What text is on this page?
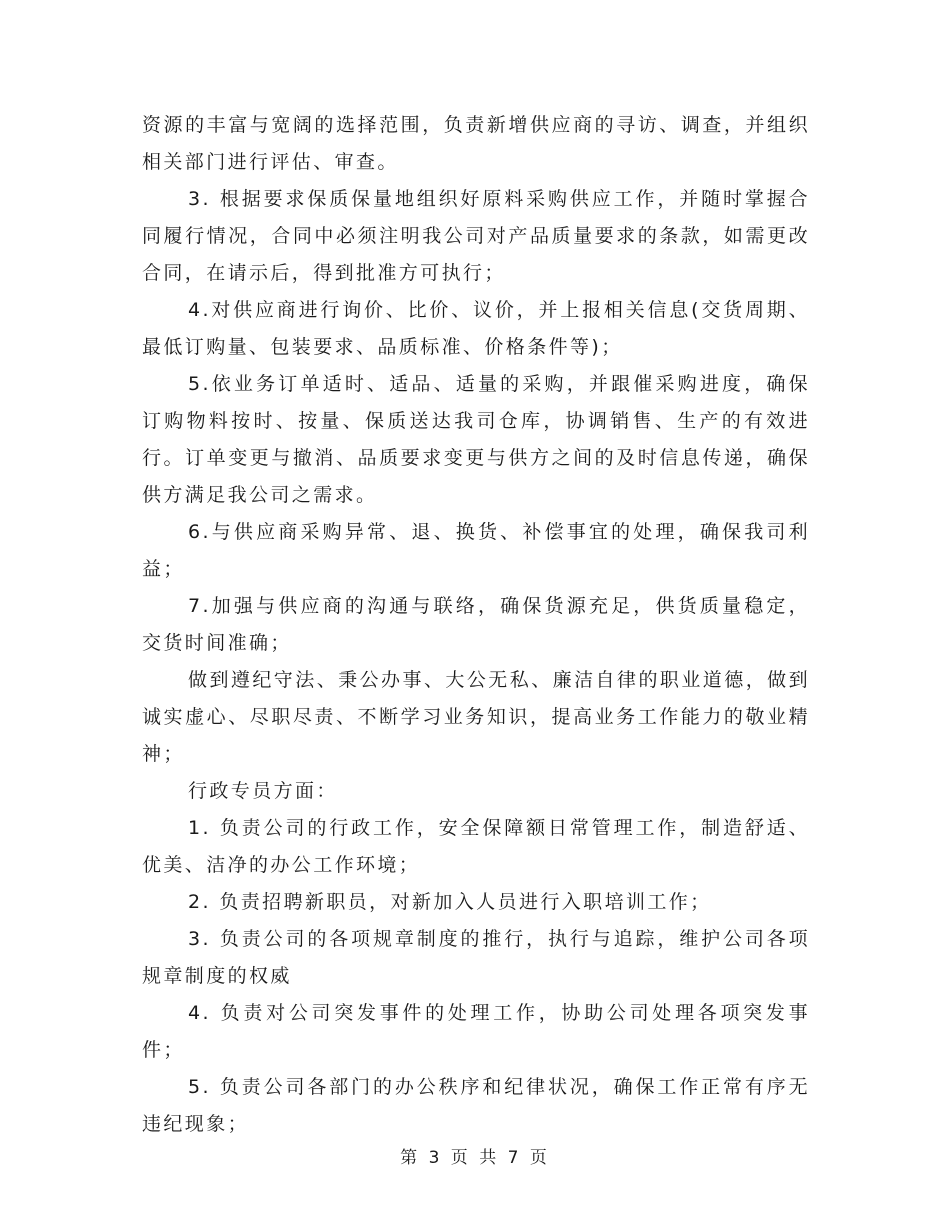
资源的丰富与宽阔的选择范围，负责新增供应商的寻访、调查，并组织相关部门进行评估、审查。

3. 根据要求保质保量地组织好原料采购供应工作，并随时掌握合同履行情况，合同中必须注明我公司对产品质量要求的条款，如需更改合同，在请示后，得到批准方可执行；

4.对供应商进行询价、比价、议价，并上报相关信息(交货周期、最低订购量、包装要求、品质标准、价格条件等)；

5.依业务订单适时、适品、适量的采购，并跟催采购进度，确保订购物料按时、按量、保质送达我司仓库，协调销售、生产的有效进行。订单变更与撤消、品质要求变更与供方之间的及时信息传递，确保供方满足我公司之需求。

6.与供应商采购异常、退、换货、补偿事宜的处理，确保我司利益；

7.加强与供应商的沟通与联络，确保货源充足，供货质量稳定，交货时间准确；

做到遵纪守法、秉公办事、大公无私、廉洁自律的职业道德，做到诚实虚心、尽职尽责、不断学习业务知识，提高业务工作能力的敬业精神；

行政专员方面：

1. 负责公司的行政工作，安全保障额日常管理工作，制造舒适、优美、洁净的办公工作环境；

2. 负责招聘新职员，对新加入人员进行入职培训工作；

3. 负责公司的各项规章制度的推行，执行与追踪，维护公司各项规章制度的权威

4. 负责对公司突发事件的处理工作，协助公司处理各项突发事件；

5. 负责公司各部门的办公秩序和纪律状况，确保工作正常有序无违纪现象；

第 3 页 共 7 页
